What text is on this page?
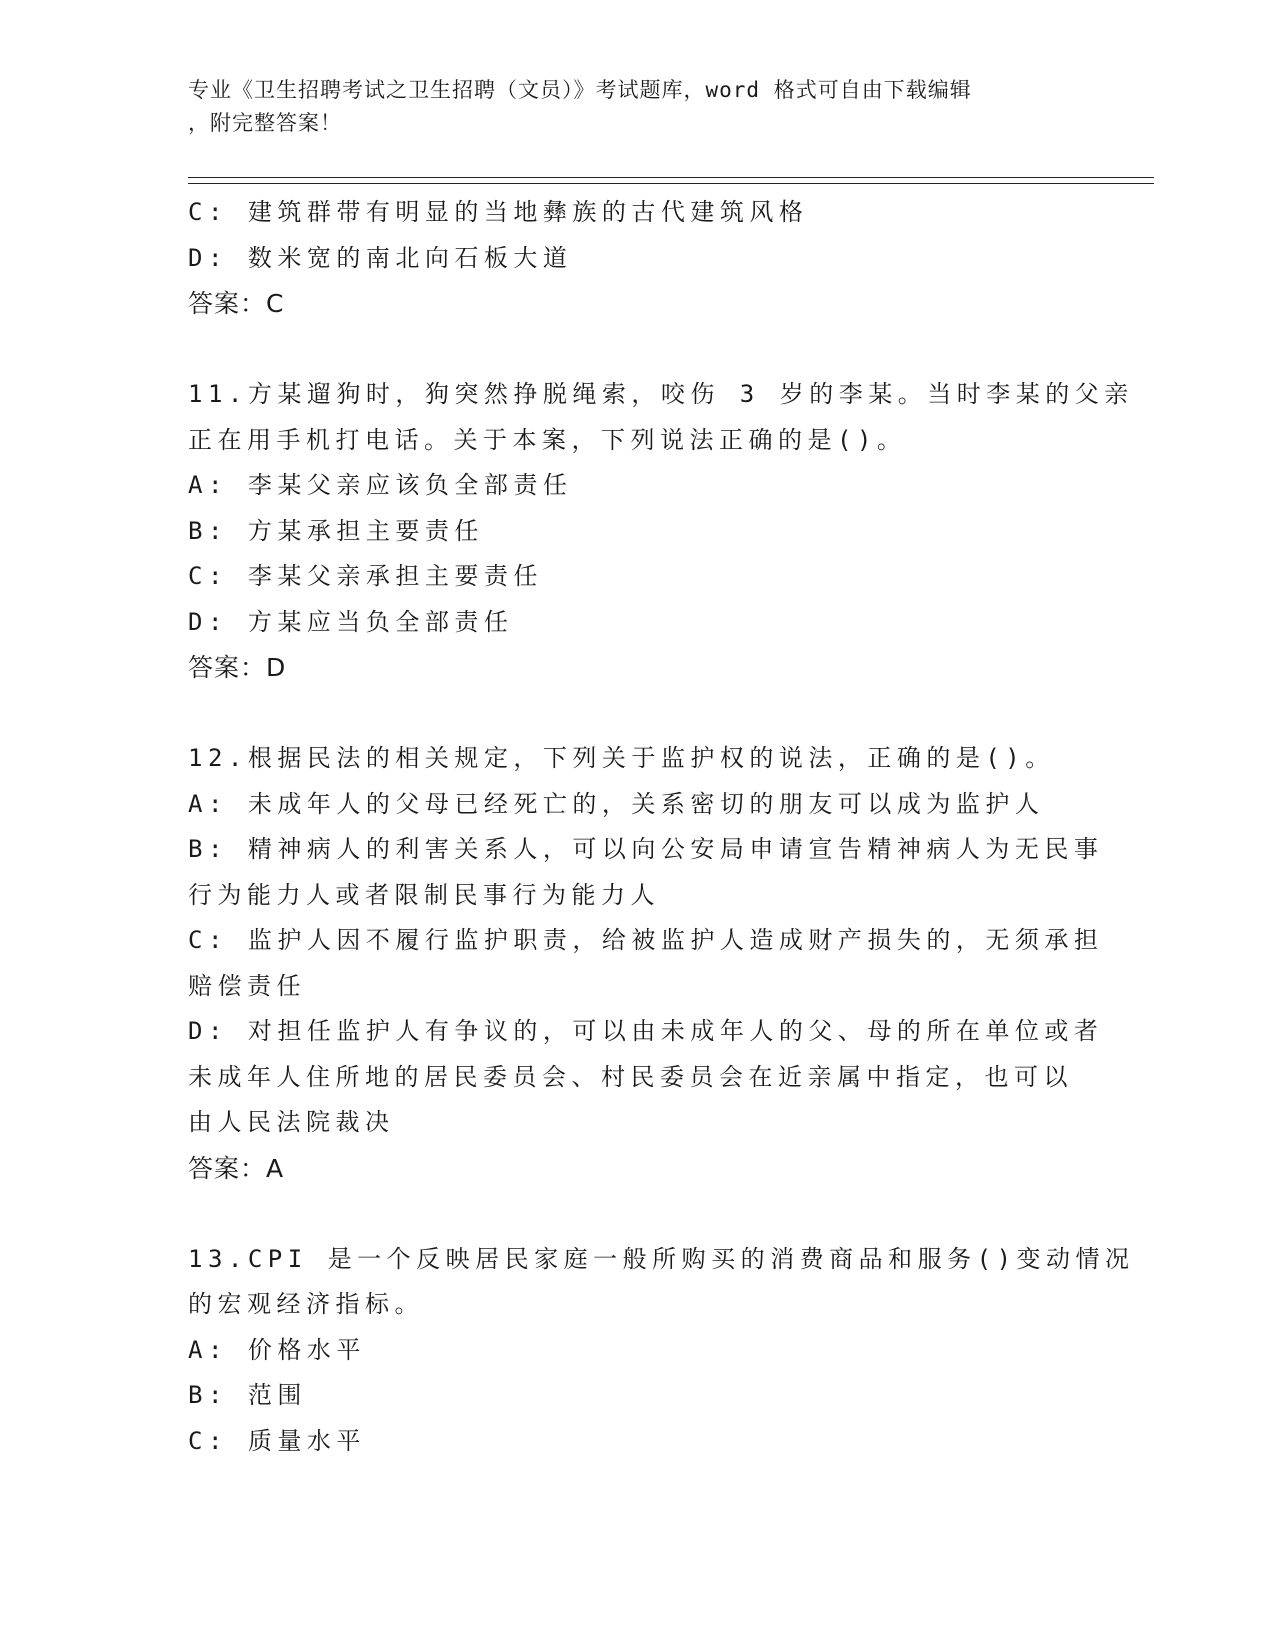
专业《卫生招聘考试之卫生招聘（文员）》考试题库，word 格式可自由下载编辑
，附完整答案！
C: 建筑群带有明显的当地彝族的古代建筑风格
D: 数米宽的南北向石板大道
答案：C
11.方某遛狗时，狗突然挣脱绳索，咬伤 3 岁的李某。当时李某的父亲
正在用手机打电话。关于本案，下列说法正确的是()。
A: 李某父亲应该负全部责任
B: 方某承担主要责任
C: 李某父亲承担主要责任
D: 方某应当负全部责任
答案：D
12.根据民法的相关规定，下列关于监护权的说法，正确的是()。
A: 未成年人的父母已经死亡的，关系密切的朋友可以成为监护人
B: 精神病人的利害关系人，可以向公安局申请宣告精神病人为无民事
行为能力人或者限制民事行为能力人
C: 监护人因不履行监护职责，给被监护人造成财产损失的，无须承担
赔偿责任
D: 对担任监护人有争议的，可以由未成年人的父、母的所在单位或者
未成年人住所地的居民委员会、村民委员会在近亲属中指定，也可以
由人民法院裁决
答案：A
13.CPI 是一个反映居民家庭一般所购买的消费商品和服务()变动情况
的宏观经济指标。
A: 价格水平
B: 范围
C: 质量水平
